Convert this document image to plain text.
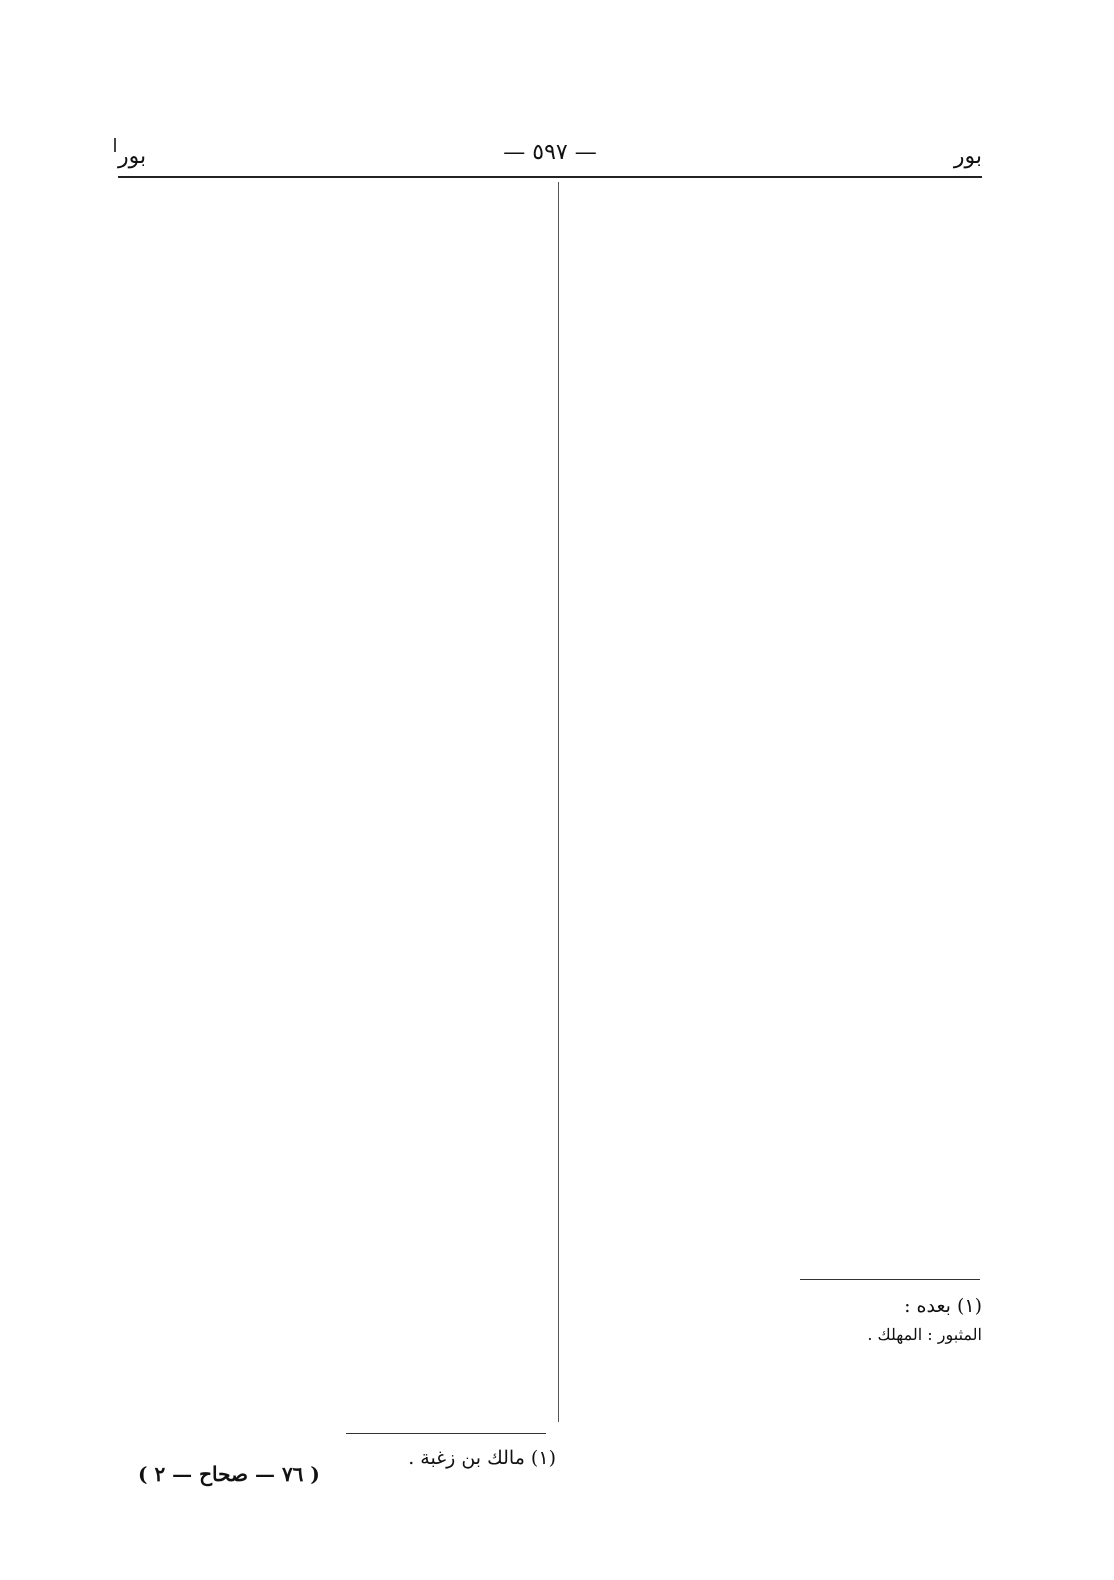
بور
— ٥٩٧ —
بور
(١) بعده :
المثبور : المهلك .
(١) مالك بن زغبة .
( ٧٦ — صحاح — ٢ )
